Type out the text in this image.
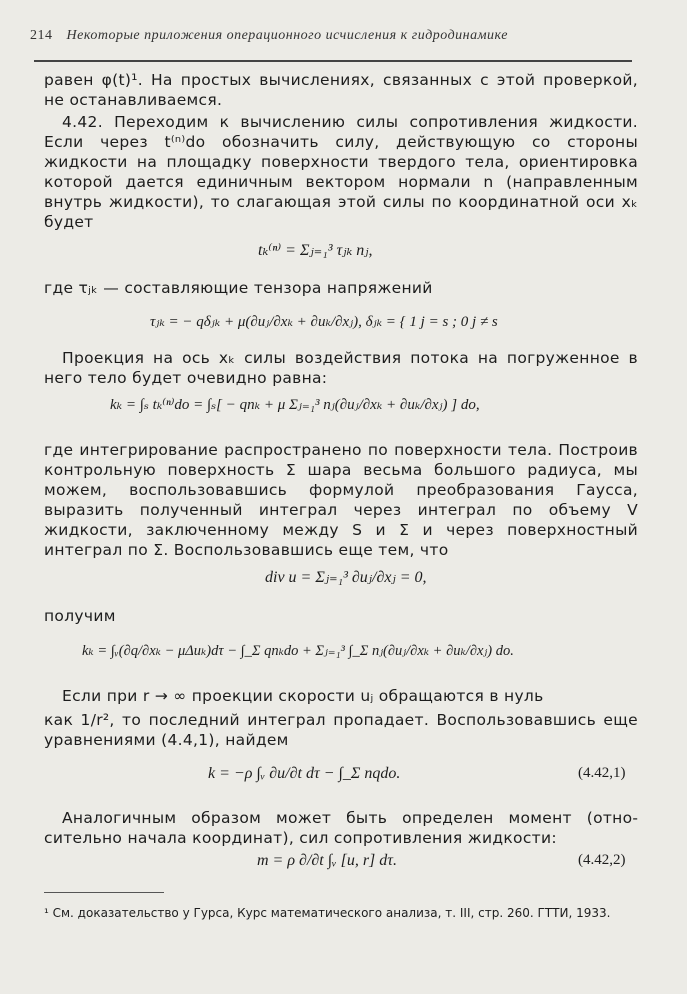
214 Некоторые приложения операционного исчисления к гидродинамике
равен φ(t)¹. На простых вычислениях, связанных с этой проверкой, не останавливаемся.
4.42. Переходим к вычислению силы сопротивления жидкости. Если через t⁽ⁿ⁾do обозначить силу, действующую со стороны жидкости на площадку поверхности твердого тела, ориентировка которой дается единичным вектором нормали n (направленным внутрь жидкости), то слагающая этой силы по координатной оси xₖ будет
tₖ⁽ⁿ⁾ = Σⱼ₌₁³ τⱼₖ nⱼ,
где τⱼₖ — составляющие тензора напряжений
τⱼₖ = − qδⱼₖ + μ(∂uⱼ/∂xₖ + ∂uₖ/∂xⱼ), δⱼₖ = { 1 j = s ; 0 j ≠ s
Проекция на ось xₖ силы воздействия потока на погруженное в него тело будет очевидно равна:
kₖ = ∫ₛ tₖ⁽ⁿ⁾do = ∫ₛ[ − qnₖ + μ Σⱼ₌₁³ nⱼ(∂uⱼ/∂xₖ + ∂uₖ/∂xⱼ) ] do,
где интегрирование распространено по поверхности тела. Построив контрольную поверхность Σ шара весьма большого радиуса, мы можем, воспользовавшись формулой преобразования Гаусса, выразить полученный интеграл через интеграл по объему V жидкости, заключенному между S и Σ и через поверхностный интеграл по Σ. Воспользовавшись еще тем, что
div u = Σⱼ₌₁³ ∂uⱼ/∂xⱼ = 0,
получим
kₖ = ∫ᵥ(∂q/∂xₖ − μΔuₖ)dτ − ∫_Σ qnₖdo + Σⱼ₌₁³ ∫_Σ nⱼ(∂uⱼ/∂xₖ + ∂uₖ/∂xⱼ) do.
Если при r → ∞ проекции скорости uⱼ обращаются в нуль
как 1/r², то последний интеграл пропадает. Воспользовавшись еще уравнениями (4.4,1), найдем
k = −ρ ∫ᵥ ∂u/∂t dτ − ∫_Σ nqdo.	(4.42,1)
Аналогичным образом может быть определен момент (относительно начала координат), сил сопротивления жидкости:
m = ρ ∂/∂t ∫ᵥ [u, r] dτ.	(4.42,2)
¹ См. доказательство у Гурса, Курс математического анализа, т. III, стр. 260. ГТТИ, 1933.
